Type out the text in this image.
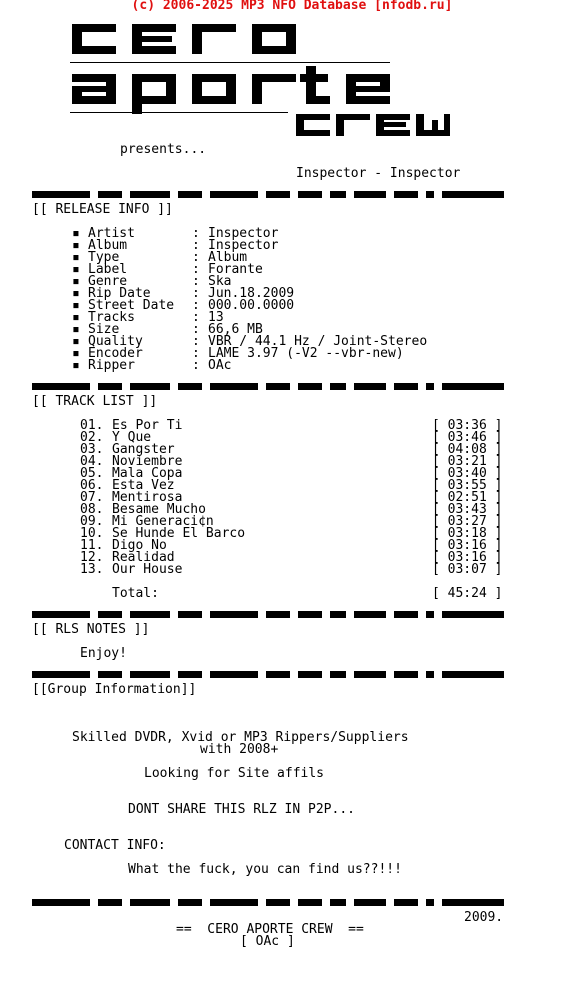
(c) 2006-2025 MP3 NFO Database [nfodb.ru]
presents...
Inspector - Inspector
[[ RELEASE INFO ]]
▪ Artist	: Inspector
▪ Album	: Inspector
▪ Type	: Album
▪ Label	: Forante
▪ Genre	: Ska
▪ Rip Date	: Jun.18.2009
▪ Street Date : 000.00.0000
▪ Tracks	: 13
▪ Size	: 66,6 MB
▪ Quality	: VBR / 44.1 Hz / Joint-Stereo
▪ Encoder	: LAME 3.97 (-V2 --vbr-new)
▪ Ripper	: OAc
[[ TRACK LIST ]]
01. Es Por Ti	[ 03:36 ]
02. Y Que	[ 03:46 ]
03. Gangster	[ 04:08 ]
04. Noviembre	[ 03:21 ]
05. Mala Copa	[ 03:40 ]
06. Esta Vez	[ 03:55 ]
07. Mentirosa	[ 02:51 ]
08. Besame Mucho	[ 03:43 ]
09. Mi Generaci¢n	[ 03:27 ]
10. Se Hunde El Barco	[ 03:18 ]
11. Digo No	[ 03:16 ]
12. Realidad	[ 03:16 ]
13. Our House	[ 03:07 ]
Total:	[ 45:24 ]
[[ RLS NOTES ]]
Enjoy!
[[Group Information]]
Skilled DVDR, Xvid or MP3 Rippers/Suppliers
with 2008+
Looking for Site affils
DONT SHARE THIS RLZ IN P2P...
CONTACT INFO:
What the fuck, you can find us??!!!
2009.
==  CERO APORTE CREW  ==
[ OAc ]
